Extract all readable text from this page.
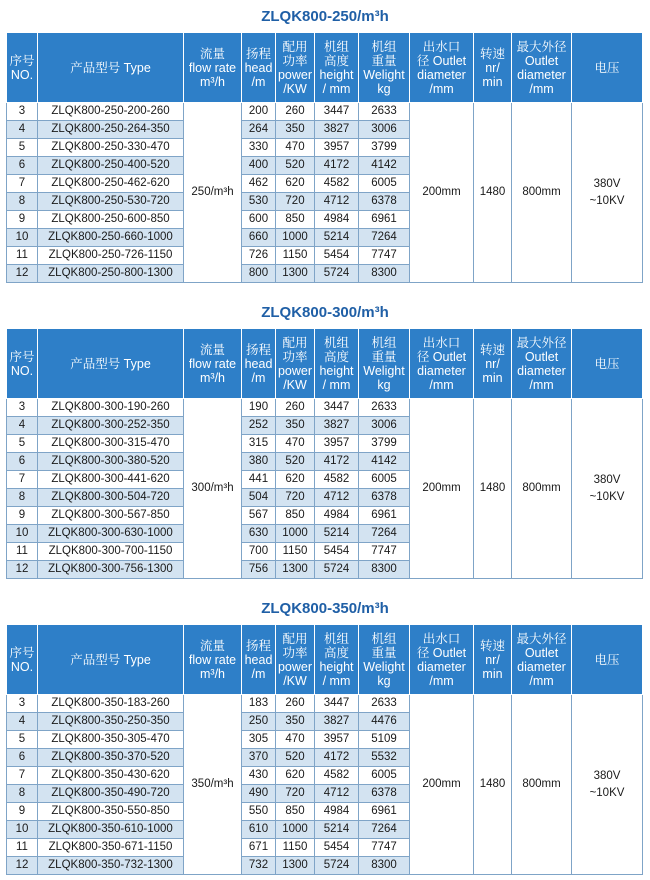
ZLQK800-250/m³h
序号
NO.	产品型号 Type	流量
flow rate
m³/h	扬程
head
/m	配用
功率
power
/KW	机组
高度
height
/ mm	机组
重量
Welight
kg	出水口
径 Outlet
diameter
/mm	转速
nr/
min	最大外径
Outlet
diameter
/mm	电压

3	ZLQK800-250-200-260	250/m³h	200	260	3447	2633	200mm	1480	800mm	380V
~10KV

4	ZLQK800-250-264-350		264	350	3827	3006				
5	ZLQK800-250-330-470		330	470	3957	3799				
6	ZLQK800-250-400-520		400	520	4172	4142				
7	ZLQK800-250-462-620		462	620	4582	6005				
8	ZLQK800-250-530-720		530	720	4712	6378				
9	ZLQK800-250-600-850		600	850	4984	6961				
10	ZLQK800-250-660-1000		660	1000	5214	7264				
11	ZLQK800-250-726-1150		726	1150	5454	7747				
12	ZLQK800-250-800-1300		800	1300	5724	8300				
ZLQK800-300/m³h
序号
NO.	产品型号 Type	流量
flow rate
m³/h	扬程
head
/m	配用
功率
power
/KW	机组
高度
height
/ mm	机组
重量
Welight
kg	出水口
径 Outlet
diameter
/mm	转速
nr/
min	最大外径
Outlet
diameter
/mm	电压

3	ZLQK800-300-190-260	300/m³h	190	260	3447	2633	200mm	1480	800mm	380V
~10KV

4	ZLQK800-300-252-350		252	350	3827	3006				
5	ZLQK800-300-315-470		315	470	3957	3799				
6	ZLQK800-300-380-520		380	520	4172	4142				
7	ZLQK800-300-441-620		441	620	4582	6005				
8	ZLQK800-300-504-720		504	720	4712	6378				
9	ZLQK800-300-567-850		567	850	4984	6961				
10	ZLQK800-300-630-1000		630	1000	5214	7264				
11	ZLQK800-300-700-1150		700	1150	5454	7747				
12	ZLQK800-300-756-1300		756	1300	5724	8300				
ZLQK800-350/m³h
序号
NO.	产品型号 Type	流量
flow rate
m³/h	扬程
head
/m	配用
功率
power
/KW	机组
高度
height
/ mm	机组
重量
Welight
kg	出水口
径 Outlet
diameter
/mm	转速
nr/
min	最大外径
Outlet
diameter
/mm	电压

3	ZLQK800-350-183-260	350/m³h	183	260	3447	2633	200mm	1480	800mm	380V
~10KV

4	ZLQK800-350-250-350		250	350	3827	4476				
5	ZLQK800-350-305-470		305	470	3957	5109				
6	ZLQK800-350-370-520		370	520	4172	5532				
7	ZLQK800-350-430-620		430	620	4582	6005				
8	ZLQK800-350-490-720		490	720	4712	6378				
9	ZLQK800-350-550-850		550	850	4984	6961				
10	ZLQK800-350-610-1000		610	1000	5214	7264				
11	ZLQK800-350-671-1150		671	1150	5454	7747				
12	ZLQK800-350-732-1300		732	1300	5724	8300				
